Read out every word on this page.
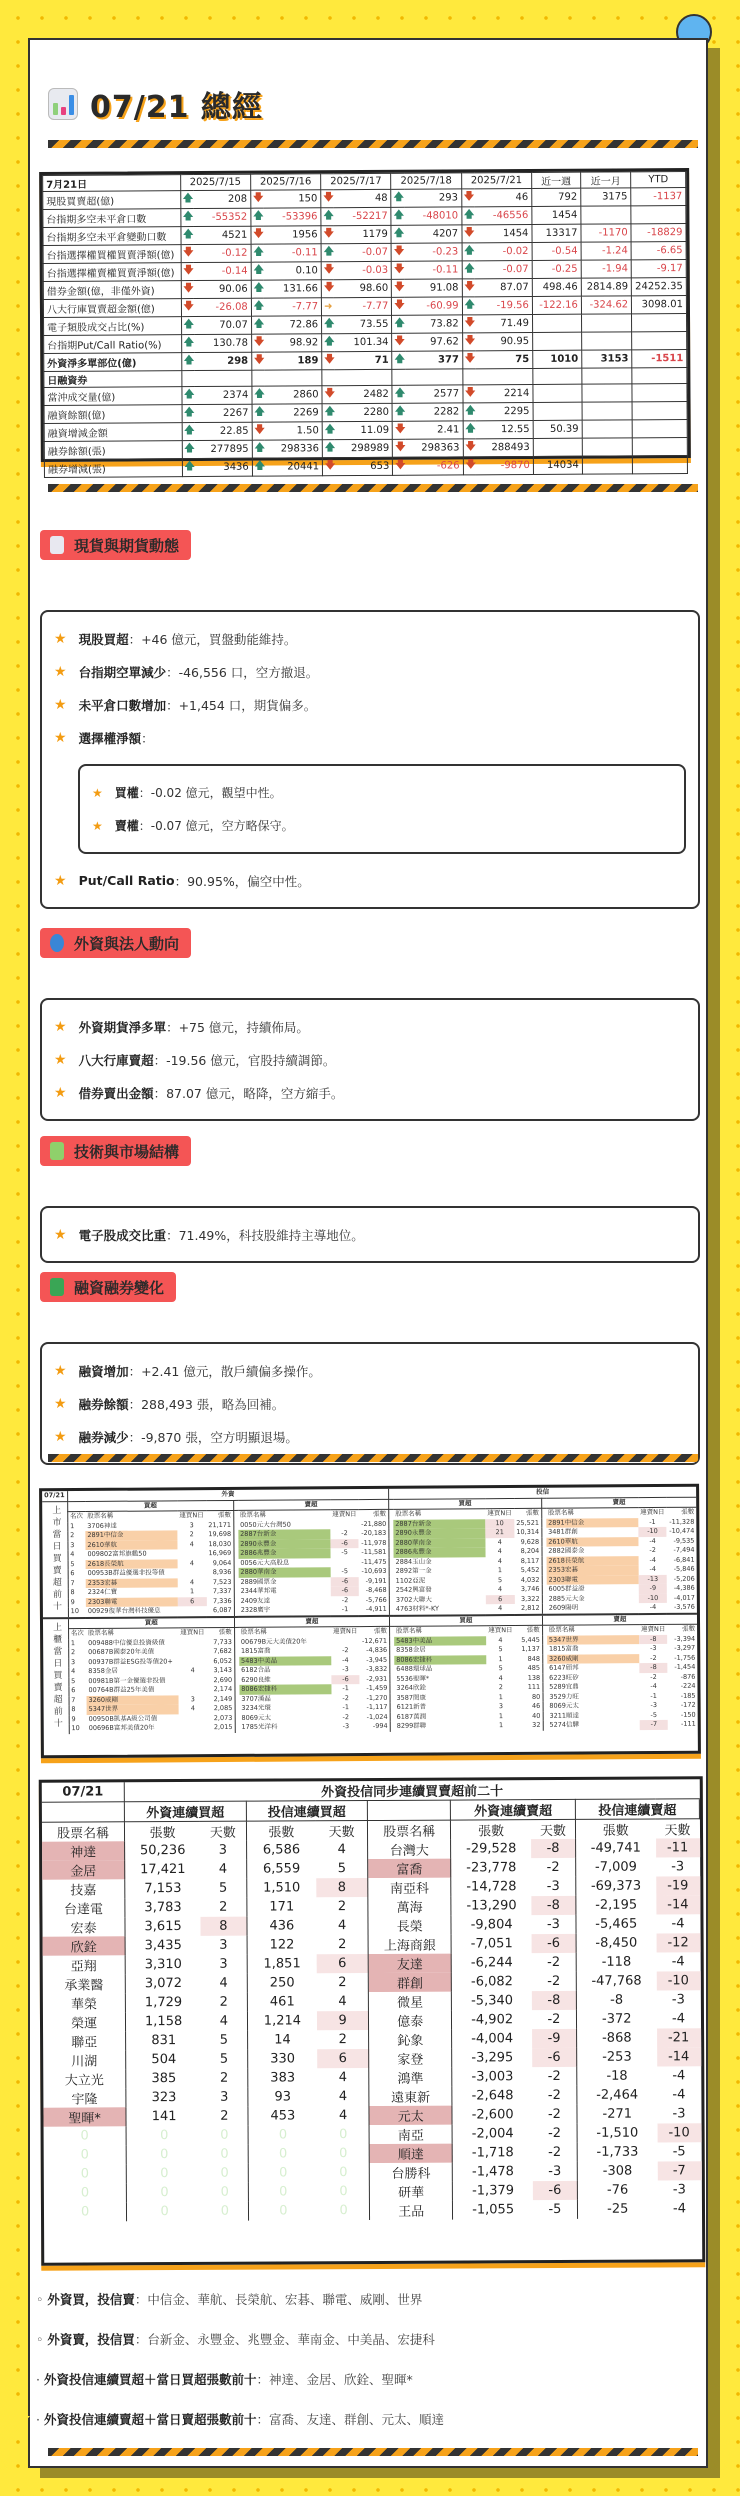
07/21 總經
7月21日	2025/7/15		2025/7/16		2025/7/17		2025/7/18		2025/7/21		近一週	近一月	YTD
現股買賣超(億)	🡅	208	🡇	150	🡇	48	🡅	293	🡇	46	792	3175	-1137
台指期多空未平倉口數	🡅	-55352	🡅	-53396	🡅	-52217	🡅	-48010	🡅	-46556	1454		
台指期多空未平倉變動口數	🡅	4521	🡇	1956	🡇	1179	🡅	4207	🡇	1454	13317	-1170	-18829
台指選擇權買權買賣淨額(億)	🡇	-0.12	🡅	-0.11	🡅	-0.07	🡇	-0.23	🡅	-0.02	-0.54	-1.24	-6.65
台指選擇權賣權買賣淨額(億)	🡇	-0.14	🡅	0.10	🡇	-0.03	🡇	-0.11	🡅	-0.07	-0.25	-1.94	-9.17
借券金額(億，非僅外資)	🡇	90.06	🡅	131.66	🡇	98.60	🡇	91.08	🡇	87.07	498.46	2814.89	24252.35
八大行庫買賣超金額(億)	🡇	-26.08	🡅	-7.77	➜	-7.77	🡇	-60.99	🡅	-19.56	-122.16	-324.62	3098.01
電子類股成交占比(%)	🡅	70.07	🡅	72.86	🡅	73.55	🡅	73.82	🡇	71.49			
台指期Put/Call Ratio(%)	🡅	130.78	🡇	98.92	🡅	101.34	🡇	97.62	🡇	90.95			
外資淨多單部位(億)	🡅	298	🡇	189	🡇	71	🡅	377	🡇	75	1010	3153	-1511
日融資券													
當沖成交量(億)	🡅	2374	🡅	2860	🡇	2482	🡅	2577	🡇	2214			
融資餘額(億)	🡅	2267	🡅	2269	🡅	2280	🡅	2282	🡅	2295			
融資增減金額	🡅	22.85	🡇	1.50	🡅	11.09	🡇	2.41	🡅	12.55	50.39		
融券餘額(張)	🡅	277895	🡅	298336	🡅	298989	🡇	298363	🡇	288493			
融券增減(張)	🡅	3436	🡅	20441	🡇	653	🡇	-626	🡇	-9870	14034		
現貨與期貨動態
★ 現股買超 ：+46 億元，買盤動能維持。
★ 台指期空單減少 ：-46,556 口，空方撤退。
★ 未平倉口數增加 ：+1,454 口，期貨偏多。
★ 選擇權淨額 ：
★ 買權 ：-0.02 億元，觀望中性。
★ 賣權 ：-0.07 億元，空方略保守。
★ Put/Call Ratio ：90.95%，偏空中性。
外資與法人動向
★ 外資期貨淨多單 ：+75 億元，持續佈局。
★ 八大行庫賣超 ：-19.56 億元，官股持續調節。
★ 借券賣出金額 ：87.07 億元，略降，空方縮手。
技術與市場結構
★ 電子股成交比重 ：71.49%，科技股維持主導地位。
融資融券變化
★ 融資增加 ：+2.41 億元，散戶續偏多操作。
★ 融券餘額 ：288,493 張，略為回補。
★ 融券減少 ：-9,870 張，空方明顯退場。
07/21	外資								投信							
上市當日買賣超前十	買超				賣超				買超				賣超			
	名次	股票名稱	連買N日	張數		股票名稱	連賣N日	張數		股票名稱	連買N日	張數		股票名稱	連賣N日	張數
	1	3706神達	3	21,171		0050元大台灣50		-21,880		2887台新金	10	25,521		2891中信金	-1	-11,328
	2	2891中信金	2	19,698		2887台新金	-2	-20,183		2890永豐金	21	10,314		3481群創	-10	-10,474
	3	2610華航	4	18,030		2890永豐金	-6	-11,978		2880華南金	4	9,628		2610華航	-4	-9,535
	4	009802富邦旗艦50		16,969		2886兆豐金	-5	-11,581		2886兆豐金	4	8,204		2882國泰金	-2	-7,494
	5	2618長榮航	4	9,064		0056元大高股息		-11,475		2884玉山金	4	8,117		2618長榮航	-4	-6,841
	6	00953B群益優選非投等債		8,936		2880華南金	-5	-10,693		2892第一金	1	5,452		2353宏碁	-4	-5,846
	7	2353宏碁	4	7,523		2889國票金	-6	-9,191		1102亞泥	5	4,032		2303聯電	-13	-5,206
	8	2324仁寶	1	7,337		2344華邦電	-6	-8,468		2542興富發	4	3,746		6005群益證	-9	-4,386
	9	2303聯電	6	7,336		2409友達	-2	-5,766		3702大聯大	6	3,322		2885元大金	-10	-4,017
	10	00929復華台灣科技優息		6,087		2328廣宇	-1	-4,911		4763材料*-KY	4	2,812		2609陽明	-4	-3,576
上櫃當日買賣超前十	買超				賣超				買超				賣超			
	名次	股票名稱	連買N日	張數		股票名稱	連賣N日	張數		股票名稱	連買N日	張數		股票名稱	連賣N日	張數
	1	009488中信優息投資級債		7,733		00679B元大美債20年		-12,671		5483中美晶	4	5,445		5347世界	-8	-3,394
	2	00687B國泰20年美債		7,682		1815富喬	-2	-4,836		8358金居	5	1,137		1815富喬	-3	-3,297
	3	00937B群益ESG投等債20+		6,052		5483中美晶	-4	-3,945		8086宏捷科	1	848		3260威剛	-2	-1,756
	4	8358金居	4	3,143		6182合晶	-3	-3,832		6488環球晶	5	485		6147頎邦	-8	-1,454
	5	00981B第一金優選非投債		2,690		6290良維	-6	-2,931		5536聖暉*	4	138		6223旺矽	-2	-876
	6	00764B群益25年美債		2,174		8086宏捷科	-1	-1,459		3264欣銓	2	111		5289宜鼎	-4	-224
	7	3260威剛	3	2,149		3707漢磊	-2	-1,270		3587閎康	1	80		3529力旺	-1	-185
	8	5347世界	4	2,085		3234光環	-1	-1,117		6121新普	3	46		8069元太	-3	-172
	9	00950B凱基A級公司債		2,073		8069元太	-2	-1,024		6187萬潤	1	40		3211順達	-5	-150
	10	00696B富邦美債20年		2,015		1785光洋科	-3	-994		8299群聯	1	32		5274信驊	-7	-111
07/21	外資投信同步連續買賣超前二十								
	外資連續買超		投信連續買超			外資連續賣超		投信連續賣超	
股票名稱	張數	天數	張數	天數	股票名稱	張數	天數	張數	天數
神達	50,236	3	6,586	4	台灣大	-29,528	-8	-49,741	-11
金居	17,421	4	6,559	5	富喬	-23,778	-2	-7,009	-3
技嘉	7,153	5	1,510	8	南亞科	-14,728	-3	-69,373	-19
台達電	3,783	2	171	2	萬海	-13,290	-8	-2,195	-14
宏泰	3,615	8	436	4	長榮	-9,804	-3	-5,465	-4
欣銓	3,435	3	122	2	上海商銀	-7,051	-6	-8,450	-12
亞翔	3,310	3	1,851	6	友達	-6,244	-2	-118	-4
承業醫	3,072	4	250	2	群創	-6,082	-2	-47,768	-10
華榮	1,729	2	461	4	微星	-5,340	-8	-8	-3
榮運	1,158	4	1,214	9	億泰	-4,902	-2	-372	-4
聯亞	831	5	14	2	鈊象	-4,004	-9	-868	-21
川湖	504	5	330	6	家登	-3,295	-6	-253	-14
大立光	385	2	383	4	鴻準	-3,003	-2	-18	-4
宇隆	323	3	93	4	遠東新	-2,648	-2	-2,464	-4
聖暉*	141	2	453	4	元太	-2,600	-2	-271	-3
0	0	0	0	0	南亞	-2,004	-2	-1,510	-10
0	0	0	0	0	順達	-1,718	-2	-1,733	-5
0	0	0	0	0	台勝科	-1,478	-3	-308	-7
0	0	0	0	0	研華	-1,379	-6	-76	-3
0	0	0	0	0	王品	-1,055	-5	-25	-4
◦ 外資買，投信賣：中信金、華航、長榮航、宏碁、聯電、威剛、世界
◦ 外資賣，投信買：台新金、永豐金、兆豐金、華南金、中美晶、宏捷科
· 外資投信連續買超＋當日買超張數前十：神達、金居、欣銓、聖暉*
· 外資投信連續賣超＋當日賣超張數前十：富喬、友達、群創、元太、順達
